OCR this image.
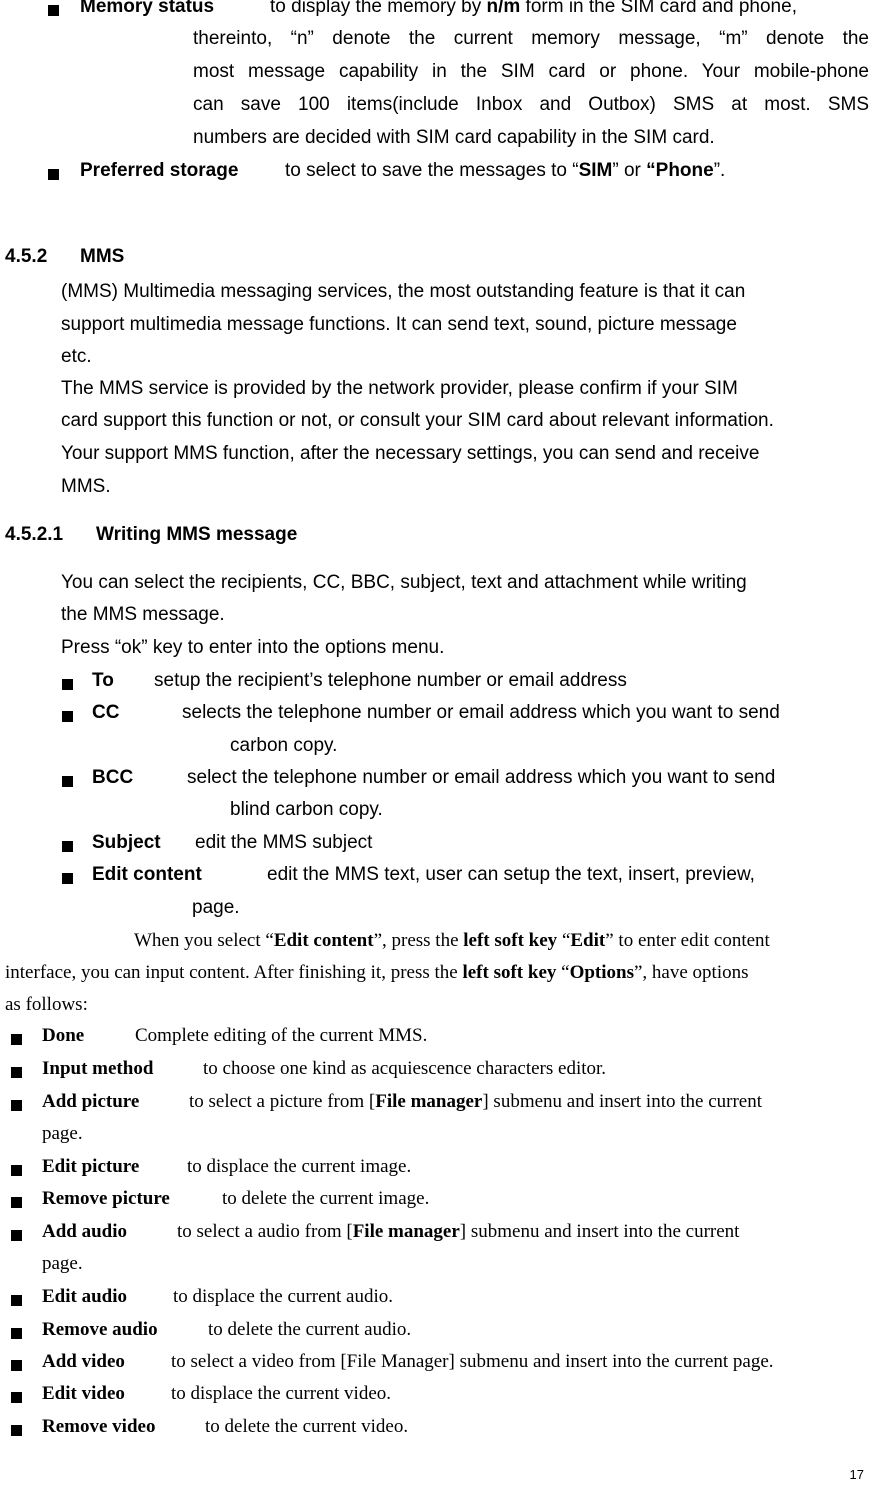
Memory status	to display the memory by n/m form in the SIM card and phone,
thereinto, “n” denote the current memory message, “m” denote the
most message capability in the SIM card or phone. Your mobile-phone
can save 100 items(include Inbox and Outbox) SMS at most. SMS
numbers are decided with SIM card capability in the SIM card.
Preferred storage to select to save the messages to “SIM” or “Phone”.
4.5.2 MMS
(MMS) Multimedia messaging services, the most outstanding feature is that it can
support multimedia message functions. It can send text, sound, picture message
etc.
The MMS service is provided by the network provider, please confirm if your SIM
card support this function or not, or consult your SIM card about relevant information.
Your support MMS function, after the necessary settings, you can send and receive
MMS.
4.5.2.1 Writing MMS message
You can select the recipients, CC, BBC, subject, text and attachment while writing
the MMS message.
Press “ok” key to enter into the options menu.
To setup the recipient’s telephone number or email address
CC	selects the telephone number or email address which you want to send
carbon copy.
BCC	select the telephone number or email address which you want to send
blind carbon copy.
Subject edit the MMS subject
Edit content	edit the MMS text, user can setup the text, insert, preview,
page.
When you select “Edit content”, press the left soft key “Edit” to enter edit content
interface, you can input content. After finishing it, press the left soft key “Options”, have options
as follows:
Done	Complete editing of the current MMS.
Input method	to choose one kind as acquiescence characters editor.
Add picture	to select a picture from [File manager] submenu and insert into the current
page.
Edit picture	to displace the current image.
Remove picture	to delete the current image.
Add audio	to select a audio from [File manager] submenu and insert into the current
page.
Edit audio to displace the current audio.
Remove audio	to delete the current audio.
Add video to select a video from [File Manager] submenu and insert into the current page.
Edit video to displace the current video.
Remove video	to delete the current video.
17
